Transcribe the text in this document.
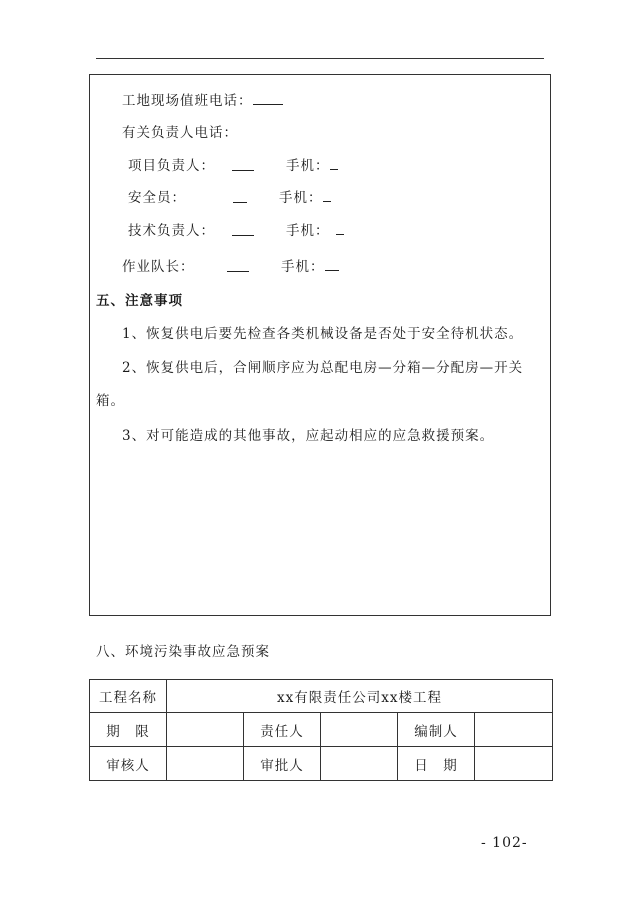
工地现场值班电话：
有关负责人电话：
项目负责人：	手机：
安全员：	手机：
技术负责人：	手机：
作业队长：	手机：
五、注意事项
1、恢复供电后要先检查各类机械设备是否处于安全待机状态。
2、恢复供电后，合闸顺序应为总配电房—分箱—分配房—开关
箱。
3、对可能造成的其他事故，应起动相应的应急救援预案。
八、环境污染事故应急预案
工程名称	xx有限责任公司xx楼工程				
期　限		责任人		编制人	
审核人		审批人		日　期	
- 102-
